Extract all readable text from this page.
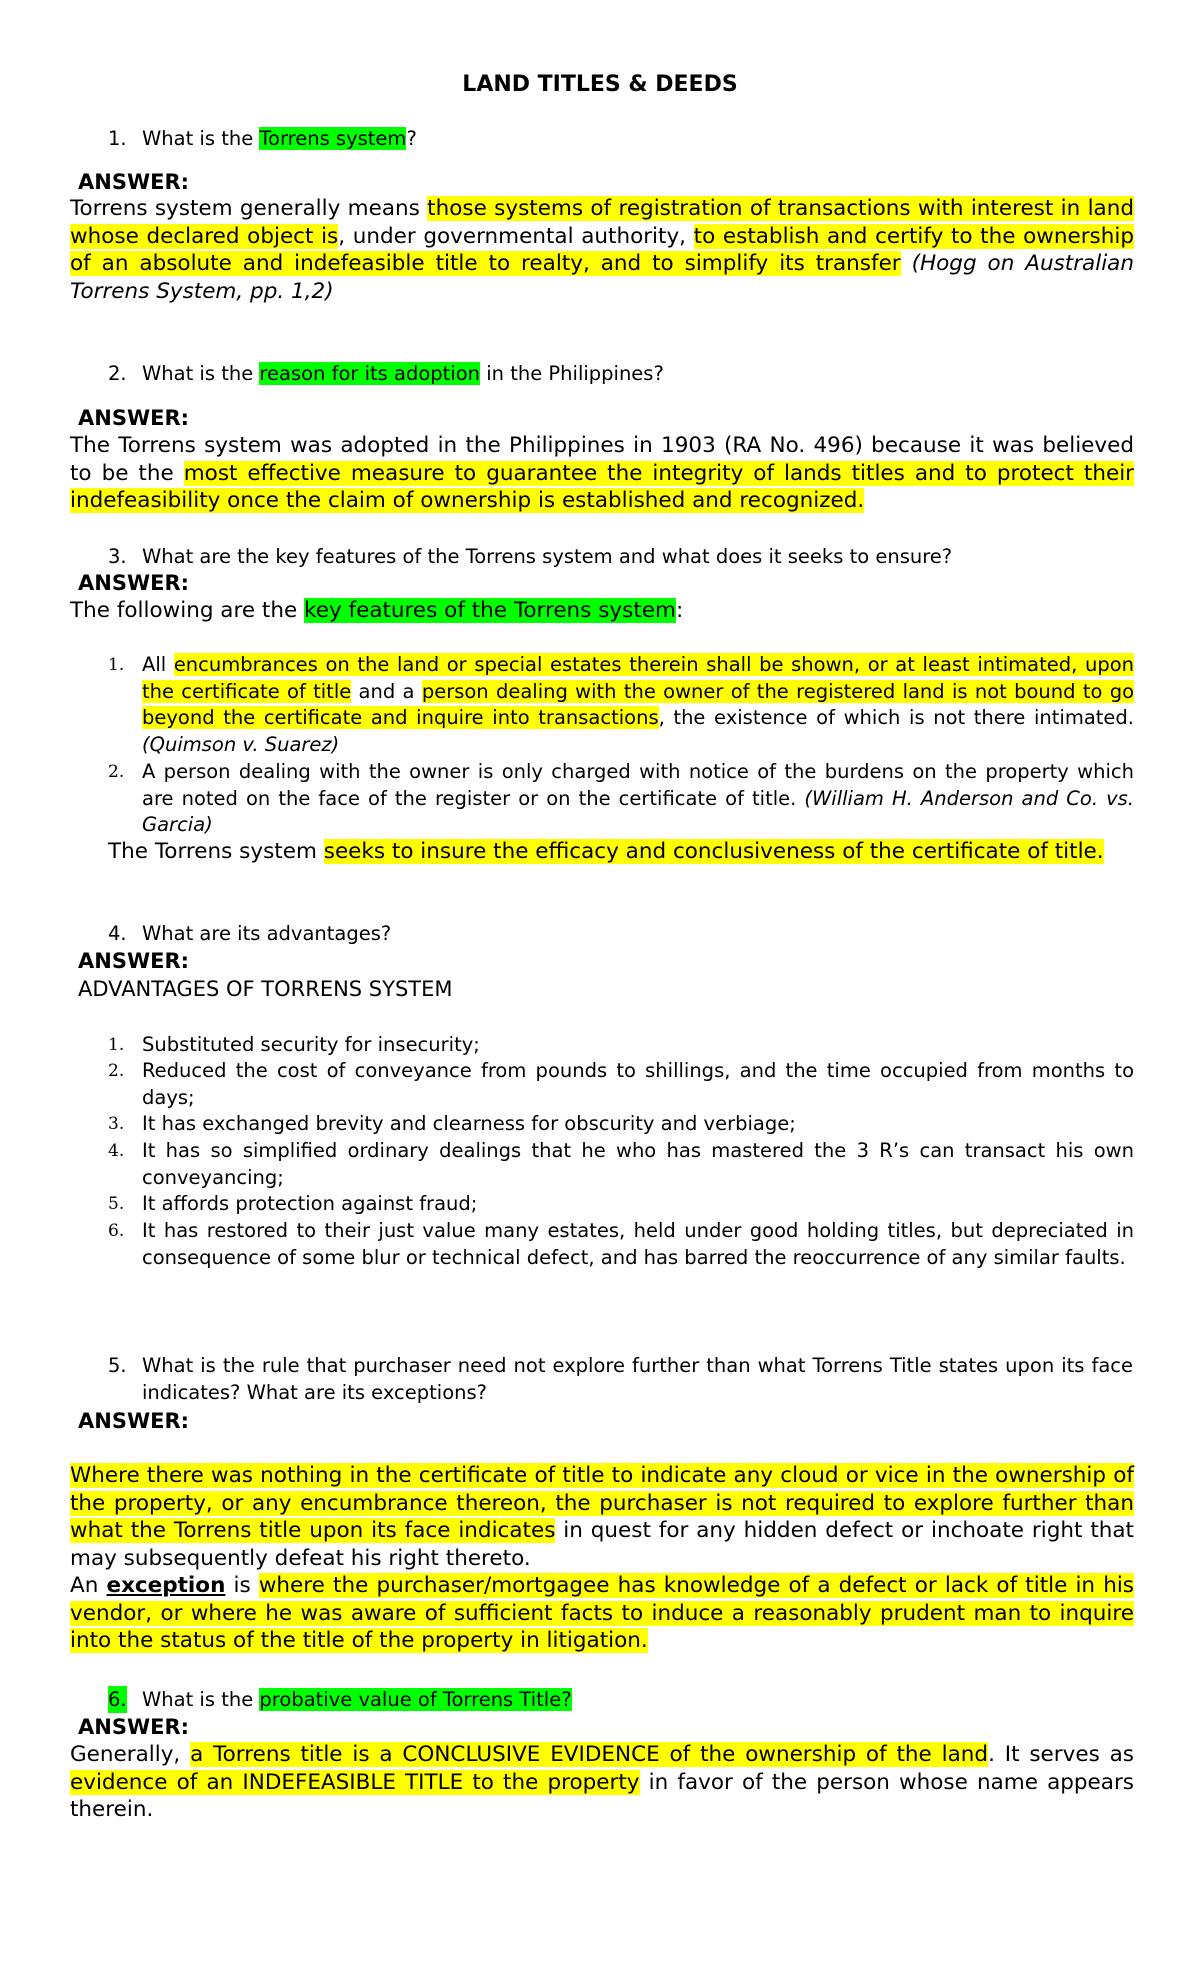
LAND TITLES & DEEDS
1. What is the Torrens system?
ANSWER:
Torrens system generally means those systems of registration of transactions with interest in land whose declared object is, under governmental authority, to establish and certify to the ownership of an absolute and indefeasible title to realty, and to simplify its transfer (Hogg on Australian Torrens System, pp. 1,2)
2. What is the reason for its adoption in the Philippines?
ANSWER:
The Torrens system was adopted in the Philippines in 1903 (RA No. 496) because it was believed to be the most effective measure to guarantee the integrity of lands titles and to protect their indefeasibility once the claim of ownership is established and recognized.
3. What are the key features of the Torrens system and what does it seeks to ensure?
ANSWER:
The following are the key features of the Torrens system:
1. All encumbrances on the land or special estates therein shall be shown, or at least intimated, upon the certificate of title and a person dealing with the owner of the registered land is not bound to go beyond the certificate and inquire into transactions, the existence of which is not there intimated. (Quimson v. Suarez)
2. A person dealing with the owner is only charged with notice of the burdens on the property which are noted on the face of the register or on the certificate of title. (William H. Anderson and Co. vs. Garcia)
The Torrens system seeks to insure the efficacy and conclusiveness of the certificate of title.
4. What are its advantages?
ANSWER:
ADVANTAGES OF TORRENS SYSTEM
1. Substituted security for insecurity;
2. Reduced the cost of conveyance from pounds to shillings, and the time occupied from months to days;
3. It has exchanged brevity and clearness for obscurity and verbiage;
4. It has so simplified ordinary dealings that he who has mastered the 3 R’s can transact his own conveyancing;
5. It affords protection against fraud;
6. It has restored to their just value many estates, held under good holding titles, but depreciated in consequence of some blur or technical defect, and has barred the reoccurrence of any similar faults.
5. What is the rule that purchaser need not explore further than what Torrens Title states upon its face indicates? What are its exceptions?
ANSWER:
Where there was nothing in the certificate of title to indicate any cloud or vice in the ownership of the property, or any encumbrance thereon, the purchaser is not required to explore further than what the Torrens title upon its face indicates in quest for any hidden defect or inchoate right that may subsequently defeat his right thereto.
An exception is where the purchaser/mortgagee has knowledge of a defect or lack of title in his vendor, or where he was aware of sufficient facts to induce a reasonably prudent man to inquire into the status of the title of the property in litigation.
6. What is the probative value of Torrens Title?
ANSWER:
Generally, a Torrens title is a CONCLUSIVE EVIDENCE of the ownership of the land. It serves as evidence of an INDEFEASIBLE TITLE to the property in favor of the person whose name appears therein.
